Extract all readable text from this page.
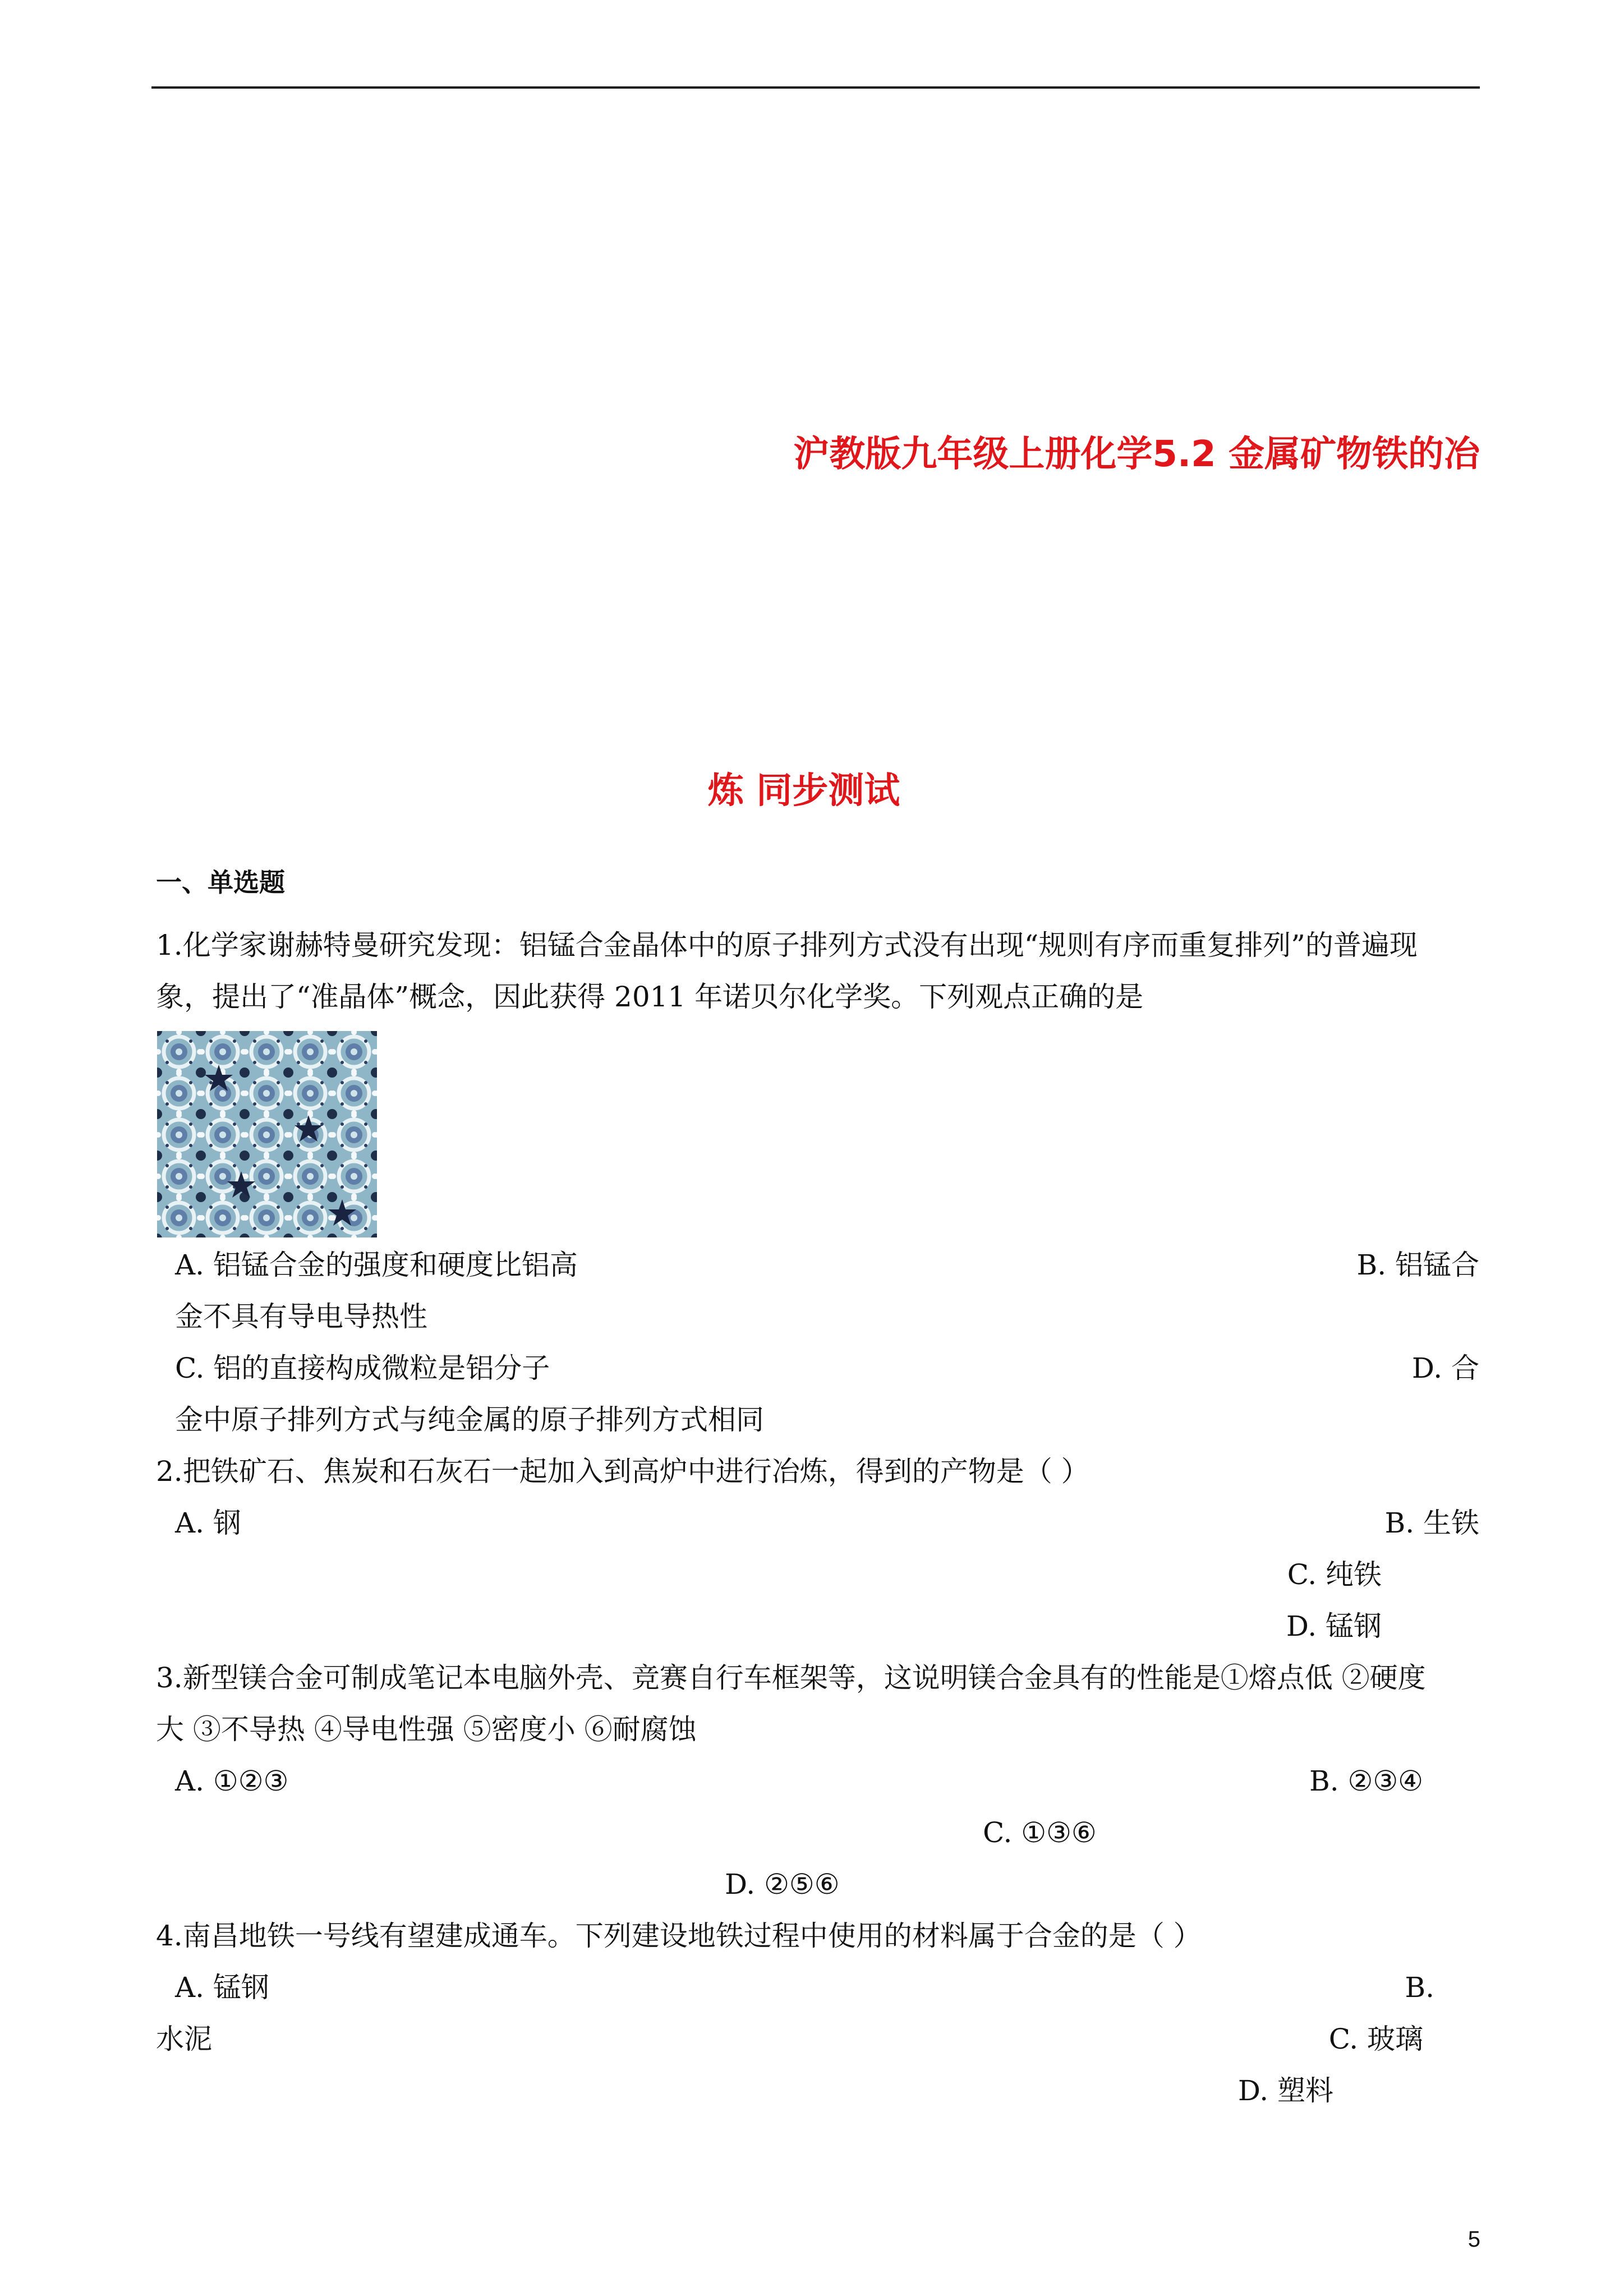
沪教版九年级上册化学5.2 金属矿物铁的冶
炼 同步测试
一、单选题
1.化学家谢赫特曼研究发现：铝锰合金晶体中的原子排列方式没有出现“规则有序而重复排列”的普遍现
象，提出了“准晶体”概念，因此获得 2011 年诺贝尔化学奖。下列观点正确的是
A. 铝锰合金的强度和硬度比铝高	B. 铝锰合
金不具有导电导热性
C. 铝的直接构成微粒是铝分子	D. 合
金中原子排列方式与纯金属的原子排列方式相同
2.把铁矿石、焦炭和石灰石一起加入到高炉中进行冶炼，得到的产物是（ ）
A. 钢	B. 生铁
C. 纯铁
D. 锰钢
3.新型镁合金可制成笔记本电脑外壳、竞赛自行车框架等，这说明镁合金具有的性能是①熔点低 ②硬度
大 ③不导热 ④导电性强 ⑤密度小 ⑥耐腐蚀
A. ①②③	B. ②③④
C. ①③⑥
D. ②⑤⑥
4.南昌地铁一号线有望建成通车。下列建设地铁过程中使用的材料属于合金的是（ ）
A. 锰钢	B.
水泥	C. 玻璃
D. 塑料
5
